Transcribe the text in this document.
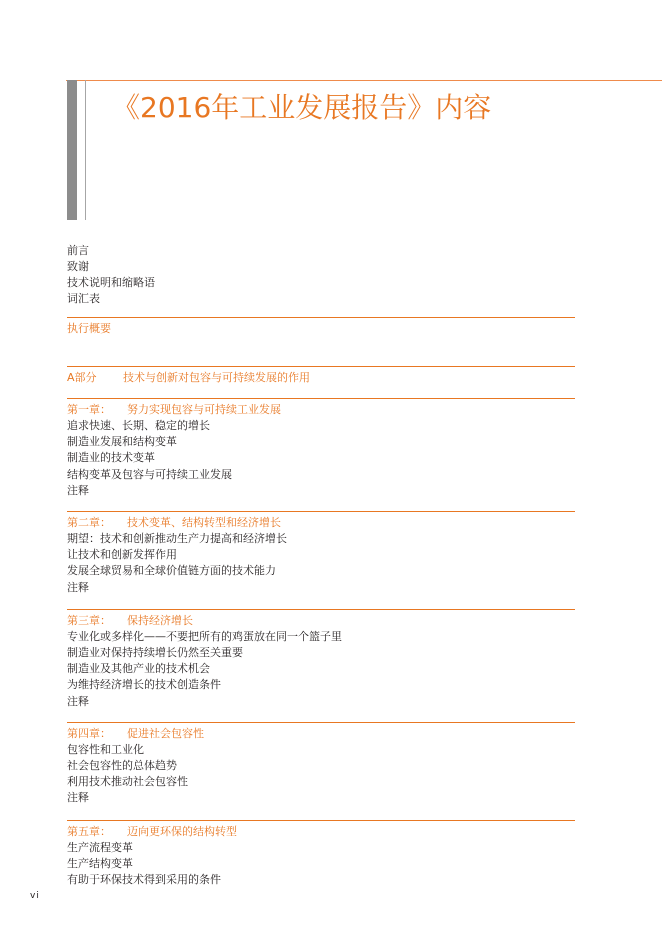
《2016年工业发展报告》内容
前言
致谢
技术说明和缩略语
词汇表
执行概要
A部分 技术与创新对包容与可持续发展的作用
第一章： 努力实现包容与可持续工业发展
追求快速、长期、稳定的增长
制造业发展和结构变革
制造业的技术变革
结构变革及包容与可持续工业发展
注释
第二章： 技术变革、结构转型和经济增长
期望：技术和创新推动生产力提高和经济增长
让技术和创新发挥作用
发展全球贸易和全球价值链方面的技术能力
注释
第三章： 保持经济增长
专业化或多样化——不要把所有的鸡蛋放在同一个篮子里
制造业对保持持续增长仍然至关重要
制造业及其他产业的技术机会
为维持经济增长的技术创造条件
注释
第四章： 促进社会包容性
包容性和工业化
社会包容性的总体趋势
利用技术推动社会包容性
注释
第五章： 迈向更环保的结构转型
生产流程变革
生产结构变革
有助于环保技术得到采用的条件
vi
